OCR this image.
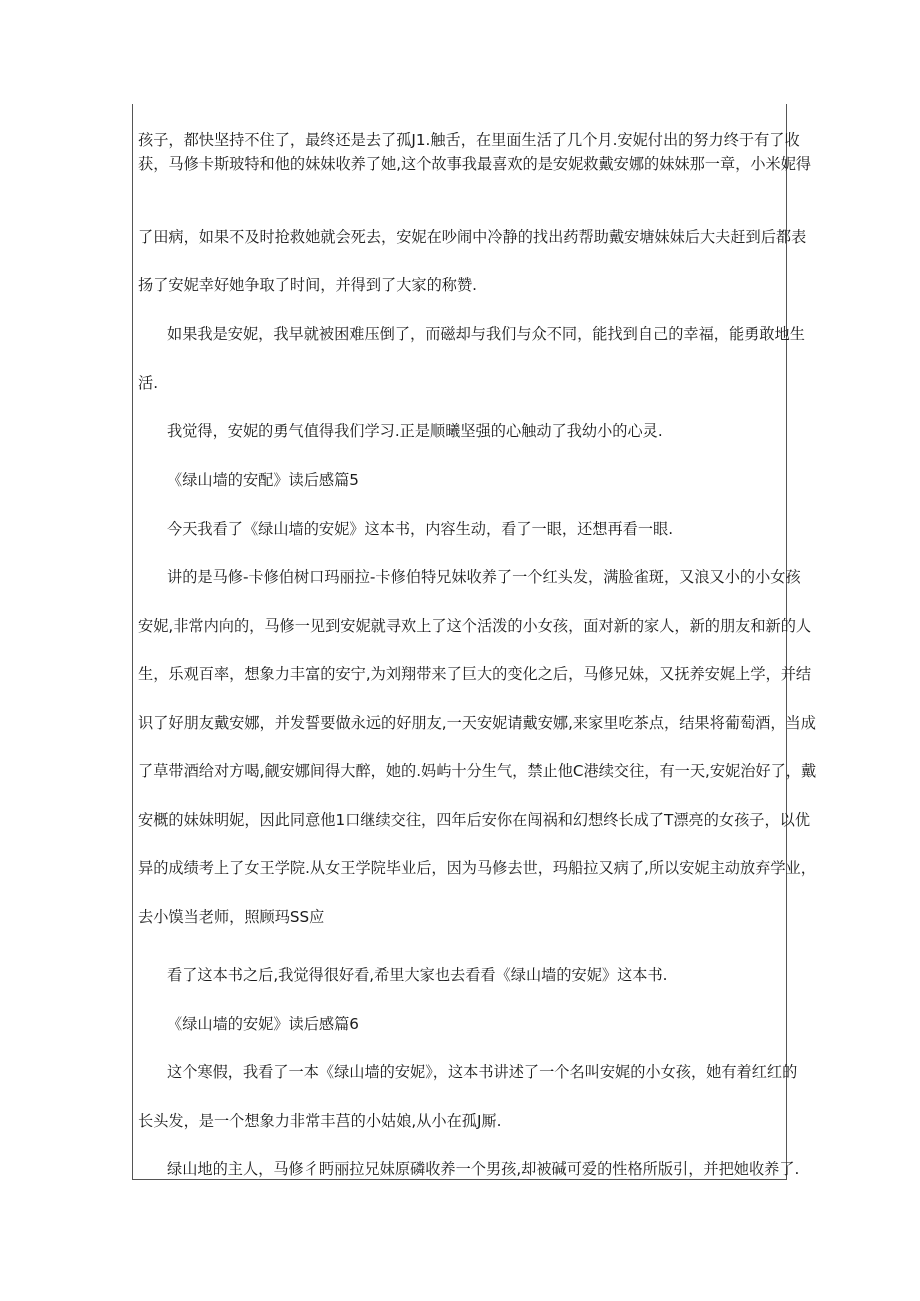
孩子，都快坚持不住了，最终还是去了孤J1.触舌，在里面生活了几个月.安妮付出的努力终于有了收
获，马修卡斯玻特和他的妹妹收养了她,这个故事我最喜欢的是安妮救戴安娜的妹妹那一章，小米妮得
了田病，如果不及时抢救她就会死去，安妮在吵闹中冷静的找出药帮助戴安塘妹妹后大夫赶到后都表
扬了安妮幸好她争取了时间，并得到了大家的称赞.
如果我是安妮，我早就被困难压倒了，而磁却与我们与众不同，能找到自己的幸福，能勇敢地生
活.
我觉得，安妮的勇气值得我们学习.正是顺曦坚强的心触动了我幼小的心灵.
《绿山墙的安配》读后感篇5
今天我看了《绿山墙的安妮》这本书，内容生动，看了一眼，还想再看一眼.
讲的是马修-卡修伯树口玛丽拉-卡修伯特兄妹收养了一个红头发，满脸雀斑，又浪又小的小女孩
安妮,非常内向的，马修一见到安妮就寻欢上了这个活泼的小女孩，面对新的家人，新的朋友和新的人
生，乐观百率，想象力丰富的安宁,为刘翔带来了巨大的变化之后，马修兄妹，又抚养安娓上学，并结
识了好朋友戴安娜，并发誓要做永远的好朋友,一天安妮请戴安娜,来家里吃茶点，结果将葡萄酒，当成
了草带酒给对方喝,觎安娜间得大醉，她的.妈屿十分生气，禁止他C港续交往，有一天,安妮治好了，戴
安概的妹妹明妮，因此同意他1口继续交往，四年后安你在闯祸和幻想终长成了T漂亮的女孩子，以优
异的成绩考上了女王学院.从女王学院毕业后，因为马修去世，玛船拉又病了,所以安妮主动放弃学业，
去小馍当老师，照顾玛SS应
看了这本书之后,我觉得很好看,希里大家也去看看《绿山墙的安妮》这本书.
《绿山墙的安妮》读后感篇6
这个寒假，我看了一本《绿山墙的安妮》，这本书讲述了一个名叫安娓的小女孩，她有着红红的
长头发，是一个想象力非常丰莒的小姑娘,从小在孤J厮.
绿山地的主人，马修彳眄丽拉兄妹原磷收养一个男孩,却被碱可爱的性格所版引，并把她收养了.
